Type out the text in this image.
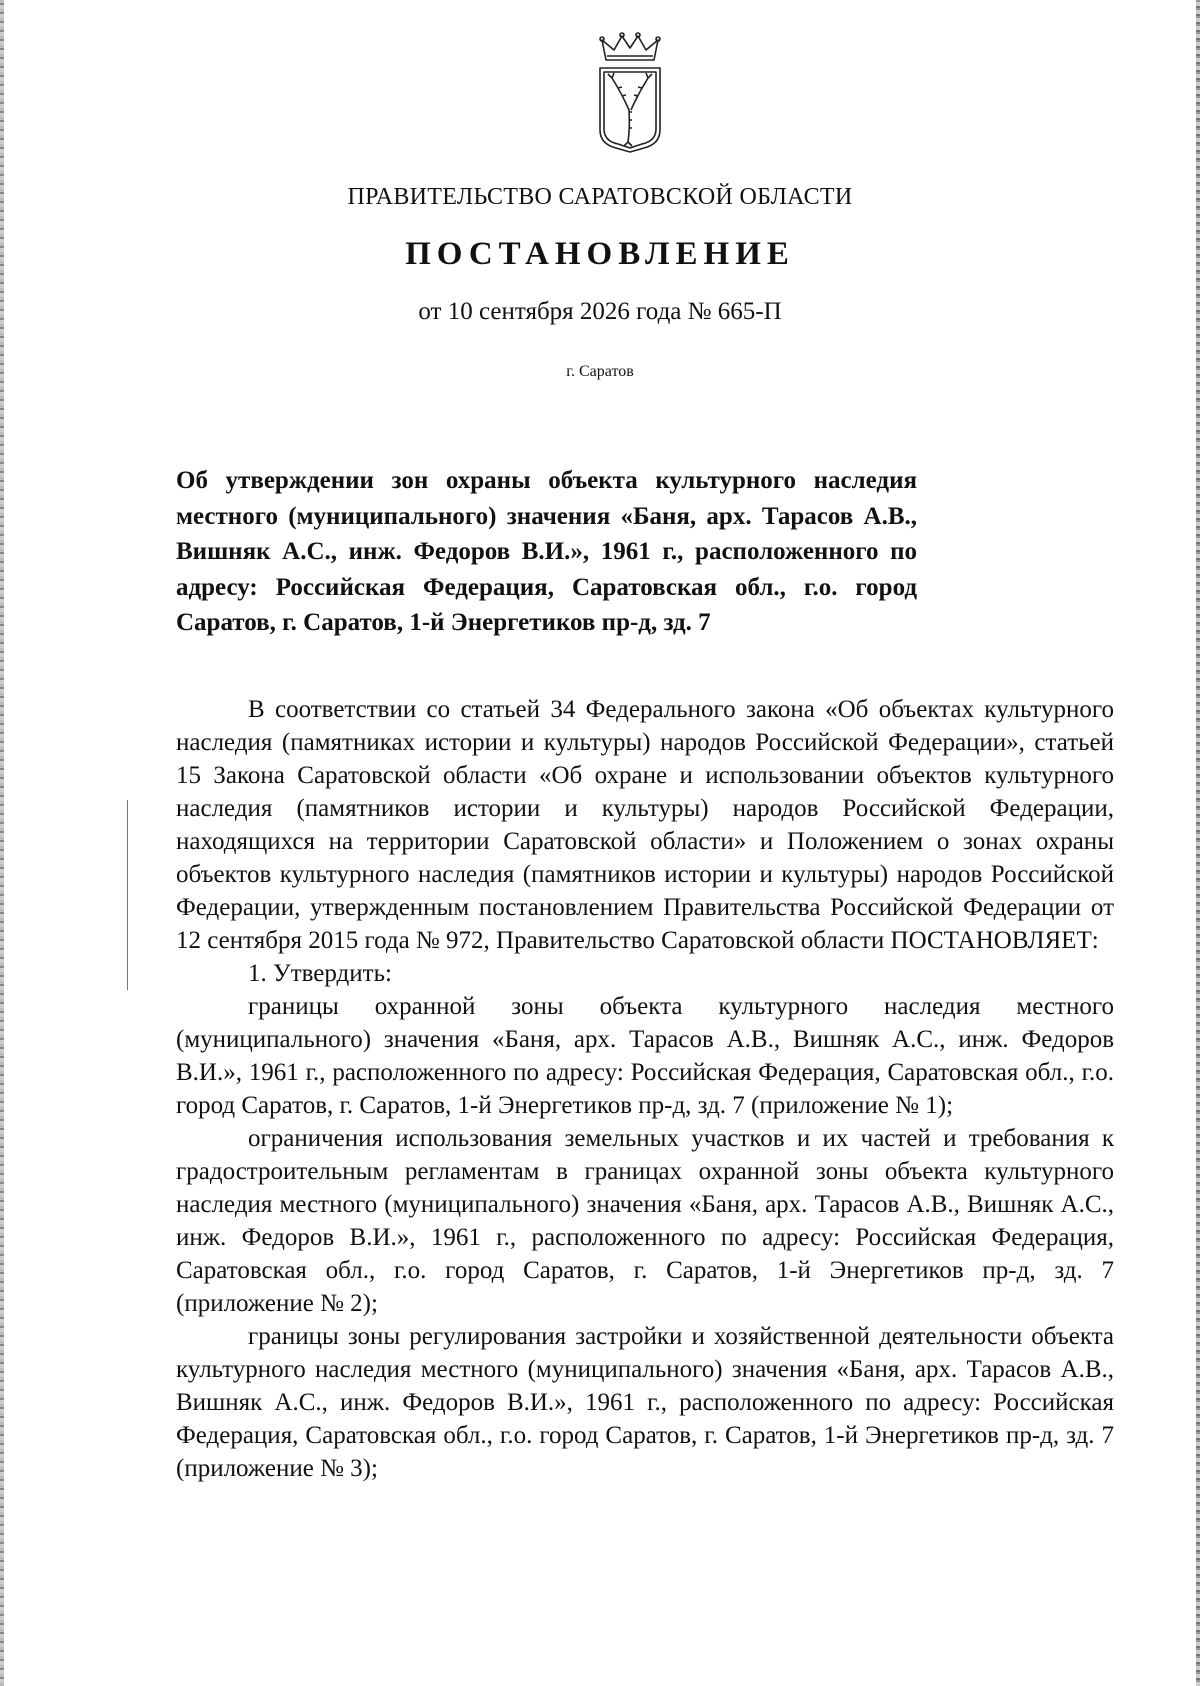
ПРАВИТЕЛЬСТВО САРАТОВСКОЙ ОБЛАСТИ
ПОСТАНОВЛЕНИЕ
от 10 сентября 2026 года № 665-П
г. Саратов
Об утверждении зон охраны объекта культурного наследия местного (муниципального) значения «Баня, арх. Тарасов А.В., Вишняк А.С., инж. Федоров В.И.», 1961 г., расположенного по адресу: Российская Федерация, Саратовская обл., г.о. город Саратов, г. Саратов, 1-й Энергетиков пр-д, зд. 7

В соответствии со статьей 34 Федерального закона «Об объектах культурного наследия (памятниках истории и культуры) народов Российской Федерации», статьей 15 Закона Саратовской области «Об охране и использовании объектов культурного наследия (памятников истории и культуры) народов Российской Федерации, находящихся на территории Саратовской области» и Положением о зонах охраны объектов культурного наследия (памятников истории и культуры) народов Российской Федерации, утвержденным постановлением Правительства Российской Федерации от 12 сентября 2015 года № 972, Правительство Саратовской области ПОСТАНОВЛЯЕТ:

1. Утвердить:

границы охранной зоны объекта культурного наследия местного (муниципального) значения «Баня, арх. Тарасов А.В., Вишняк А.С., инж. Федоров В.И.», 1961 г., расположенного по адресу: Российская Федерация, Саратовская обл., г.о. город Саратов, г. Саратов, 1-й Энергетиков пр-д, зд. 7 (приложение № 1);

ограничения использования земельных участков и их частей и требования к градостроительным регламентам в границах охранной зоны объекта культурного наследия местного (муниципального) значения «Баня, арх. Тарасов А.В., Вишняк А.С., инж. Федоров В.И.», 1961 г., расположенного по адресу: Российская Федерация, Саратовская обл., г.о. город Саратов, г. Саратов, 1-й Энергетиков пр-д, зд. 7 (приложение № 2);

границы зоны регулирования застройки и хозяйственной деятельности объекта культурного наследия местного (муниципального) значения «Баня, арх. Тарасов А.В., Вишняк А.С., инж. Федоров В.И.», 1961 г., расположенного по адресу: Российская Федерация, Саратовская обл., г.о. город Саратов, г. Саратов, 1-й Энергетиков пр-д, зд. 7 (приложение № 3);
